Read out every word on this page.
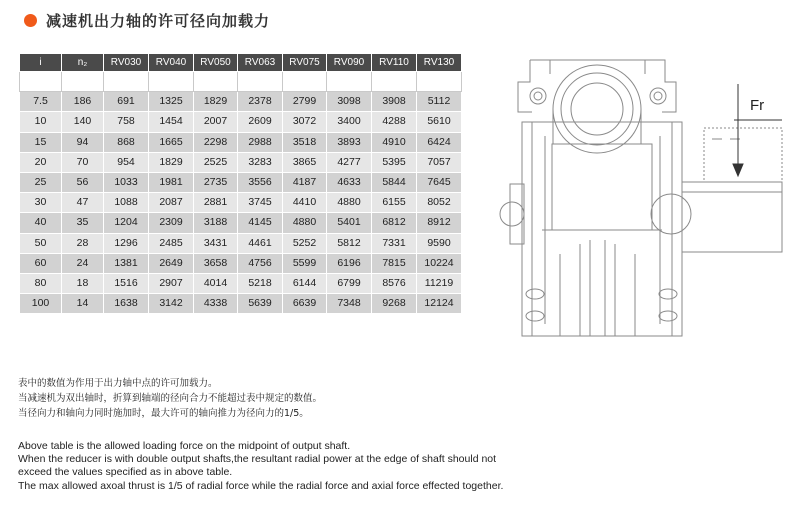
减速机出力轴的许可径向加载力
i	n₂	RV030	RV040	RV050	RV063	RV075	RV090	RV110	RV130

7.5	186	691	1325	1829	2378	2799	3098	3908	5112
10	140	758	1454	2007	2609	3072	3400	4288	5610
15	94	868	1665	2298	2988	3518	3893	4910	6424
20	70	954	1829	2525	3283	3865	4277	5395	7057
25	56	1033	1981	2735	3556	4187	4633	5844	7645
30	47	1088	2087	2881	3745	4410	4880	6155	8052
40	35	1204	2309	3188	4145	4880	5401	6812	8912
50	28	1296	2485	3431	4461	5252	5812	7331	9590
60	24	1381	2649	3658	4756	5599	6196	7815	10224
80	18	1516	2907	4014	5218	6144	6799	8576	11219
100	14	1638	3142	4338	5639	6639	7348	9268	12124
表中的数值为作用于出力轴中点的许可加载力。
当减速机为双出轴时，折算到轴端的径向合力不能超过表中规定的数值。
当径向力和轴向力同时施加时，最大许可的轴向推力为径向力的1/5。
Above table is the allowed loading force on the midpoint of output shaft.
When the reducer is with double output shafts,the resultant radial power at the edge of shaft should not
exceed the values specified as in above table.
The max allowed axoal thrust is 1/5 of radial force while the radial force and axial force effected together.
Fr
